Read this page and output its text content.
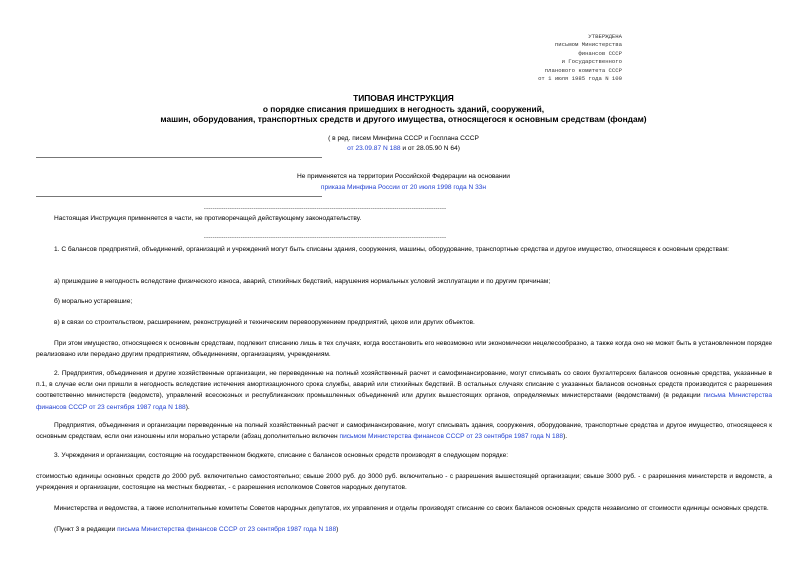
УТВЕРЖДЕНА
письмом Министерства
финансов СССР
и Государственного
планового комитета СССР
от 1 июля 1985 года N 100
ТИПОВАЯ ИНСТРУКЦИЯ
о порядке списания пришедших в негодность зданий, сооружений,
машин, оборудования, транспортных средств и другого имущества, относящегося к основным средствам (фондам)
( в ред. писем Минфина СССР и Госплана СССР
от 23.09.87 N 188 и от 28.05.90 N 64)
Не применяется на территории Российской Федерации на основании
приказа Минфина России от 20 июля 1998 года N 33н
----------------------------------------------------------------------------------------------------------------
Настоящая Инструкция применяется в части, не противоречащей действующему законодательству.
----------------------------------------------------------------------------------------------------------------
1. С балансов предприятий, объединений, организаций и учреждений могут быть списаны здания, сооружения, машины, оборудование, транспортные средства и другое имущество, относящееся к основным средствам:
а) пришедшие в негодность вследствие физического износа, аварий, стихийных бедствий, нарушения нормальных условий эксплуатации и по другим причинам;
б) морально устаревшие;
в) в связи со строительством, расширением, реконструкцией и техническим перевооружением предприятий, цехов или других объектов.
При этом имущество, относящееся к основным средствам, подлежит списанию лишь в тех случаях, когда восстановить его невозможно или экономически нецелесообразно, а также когда оно не может быть в установленном порядке реализовано или передано другим предприятиям, объединениям, организациям, учреждениям.
2. Предприятия, объединения и другие хозяйственные организации, не переведенные на полный хозяйственный расчет и самофинансирование, могут списывать со своих бухгалтерских балансов основные средства, указанные в п.1, в случае если они пришли в негодность вследствие истечения амортизационного срока службы, аварий или стихийных бедствий. В остальных случаях списание с указанных балансов основных средств производится с разрешения соответственно министерств (ведомств), управлений всесоюзных и республиканских промышленных объединений или других вышестоящих органов, определяемых министерствами (ведомствами) (в редакции письма Министерства финансов СССР от 23 сентября 1987 года N 188).
Предприятия, объединения и организации переведенные на полный хозяйственный расчет и самофинансирование, могут списывать здания, сооружения, оборудование, транспортные средства и другое имущество, относящееся к основным средствам, если они изношены или морально устарели (абзац дополнительно включен письмом Министерства финансов СССР от 23 сентября 1987 года N 188).
3. Учреждения и организации, состоящие на государственном бюджете, списание с балансов основных средств производят в следующем порядке:
стоимостью единицы основных средств до 2000 руб. включительно самостоятельно; свыше 2000 руб. до 3000 руб. включительно - с разрешения вышестоящей организации; свыше 3000 руб. - с разрешения министерств и ведомств, а учреждения и организации, состоящие на местных бюджетах, - с разрешения исполкомов Советов народных депутатов.
Министерства и ведомства, а также исполнительные комитеты Советов народных депутатов, их управления и отделы производят списание со своих балансов основных средств независимо от стоимости единицы основных средств.
(Пункт 3 в редакции письма Министерства финансов СССР от 23 сентября 1987 года N 188)
